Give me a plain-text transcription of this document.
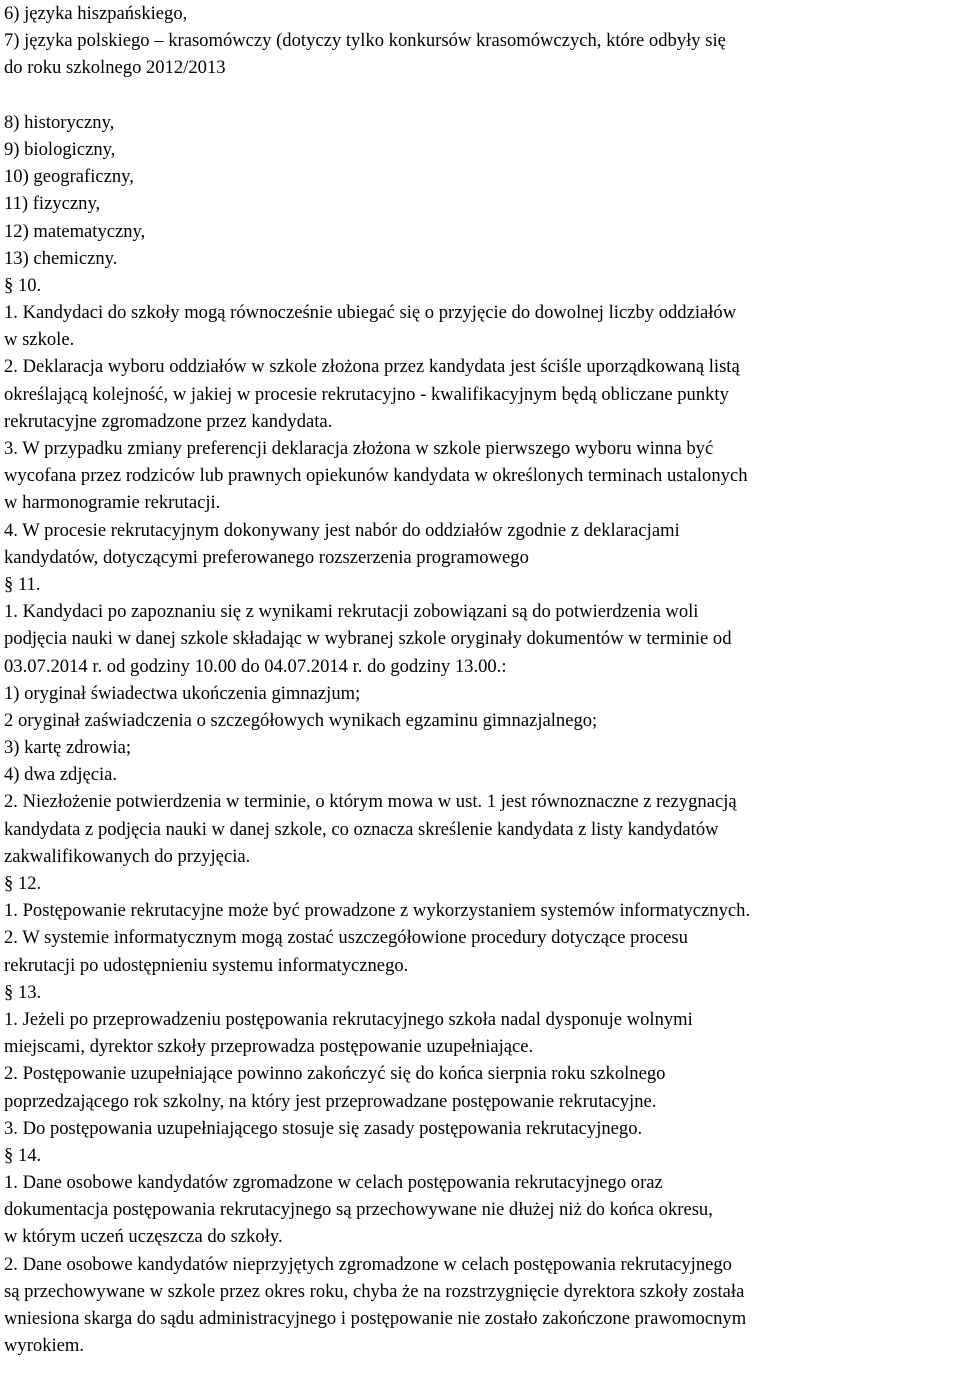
6) języka hiszpańskiego,
7) języka polskiego – krasomówczy (dotyczy tylko konkursów krasomówczych, które odbyły się
do roku szkolnego 2012/2013
8) historyczny,
9) biologiczny,
10) geograficzny,
11) fizyczny,
12) matematyczny,
13) chemiczny.
§ 10.
1. Kandydaci do szkoły mogą równocześnie ubiegać się o przyjęcie do dowolnej liczby oddziałów
w szkole.
2. Deklaracja wyboru oddziałów w szkole złożona przez kandydata jest ściśle uporządkowaną listą
określającą kolejność, w jakiej w procesie rekrutacyjno - kwalifikacyjnym będą obliczane punkty
rekrutacyjne zgromadzone przez kandydata.
3. W przypadku zmiany preferencji deklaracja złożona w szkole pierwszego wyboru winna być
wycofana przez rodziców lub prawnych opiekunów kandydata w określonych terminach ustalonych
w harmonogramie rekrutacji.
4. W procesie rekrutacyjnym dokonywany jest nabór do oddziałów zgodnie z deklaracjami
kandydatów, dotyczącymi preferowanego rozszerzenia programowego
§ 11.
1. Kandydaci po zapoznaniu się z wynikami rekrutacji zobowiązani są do potwierdzenia woli
podjęcia nauki w danej szkole składając w wybranej szkole oryginały dokumentów w terminie od
03.07.2014 r. od godziny 10.00 do 04.07.2014 r. do godziny 13.00.:
1) oryginał świadectwa ukończenia gimnazjum;
2 oryginał zaświadczenia o szczegółowych wynikach egzaminu gimnazjalnego;
3) kartę zdrowia;
4) dwa zdjęcia.
2. Niezłożenie potwierdzenia w terminie, o którym mowa w ust. 1 jest równoznaczne z rezygnacją
kandydata z podjęcia nauki w danej szkole, co oznacza skreślenie kandydata z listy kandydatów
zakwalifikowanych do przyjęcia.
§ 12.
1. Postępowanie rekrutacyjne może być prowadzone z wykorzystaniem systemów informatycznych.
2. W systemie informatycznym mogą zostać uszczegółowione procedury dotyczące procesu
rekrutacji po udostępnieniu systemu informatycznego.
§ 13.
1. Jeżeli po przeprowadzeniu postępowania rekrutacyjnego szkoła nadal dysponuje wolnymi
miejscami, dyrektor szkoły przeprowadza postępowanie uzupełniające.
2. Postępowanie uzupełniające powinno zakończyć się do końca sierpnia roku szkolnego
poprzedzającego rok szkolny, na który jest przeprowadzane postępowanie rekrutacyjne.
3. Do postępowania uzupełniającego stosuje się zasady postępowania rekrutacyjnego.
§ 14.
1. Dane osobowe kandydatów zgromadzone w celach postępowania rekrutacyjnego oraz
dokumentacja postępowania rekrutacyjnego są przechowywane nie dłużej niż do końca okresu,
w którym uczeń uczęszcza do szkoły.
2. Dane osobowe kandydatów nieprzyjętych zgromadzone w celach postępowania rekrutacyjnego
są przechowywane w szkole przez okres roku, chyba że na rozstrzygnięcie dyrektora szkoły została
wniesiona skarga do sądu administracyjnego i postępowanie nie zostało zakończone prawomocnym
wyrokiem.
